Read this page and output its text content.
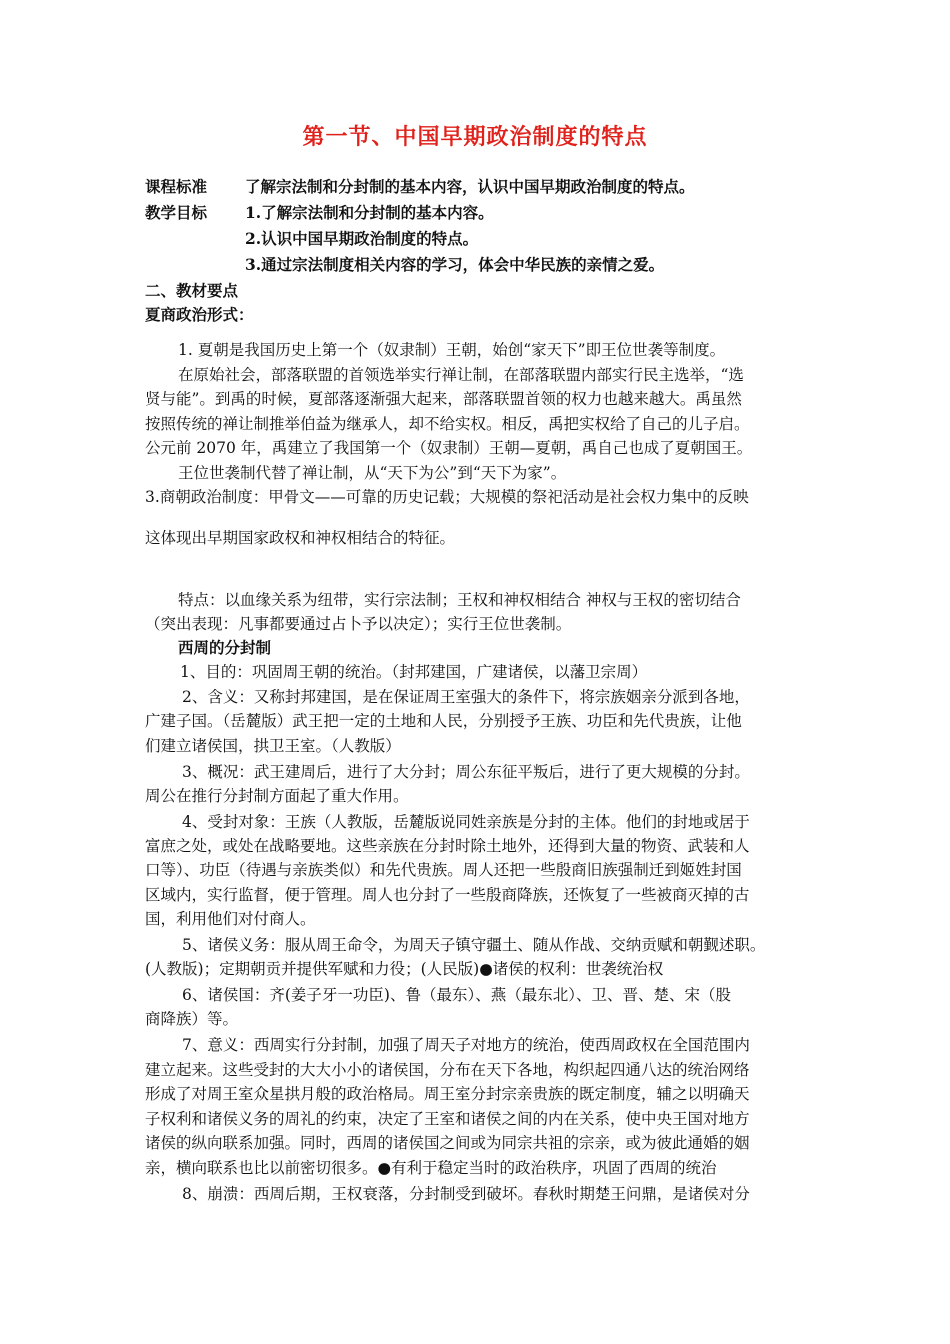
第一节、中国早期政治制度的特点
课程标准 了解宗法制和分封制的基本内容，认识中国早期政治制度的特点。
教学目标 1.了解宗法制和分封制的基本内容。
2.认识中国早期政治制度的特点。
3.通过宗法制度相关内容的学习，体会中华民族的亲情之爱。
二、教材要点
夏商政治形式：
1. 夏朝是我国历史上第一个（奴隶制）王朝，始创“家天下”即王位世袭等制度。
在原始社会，部落联盟的首领选举实行禅让制，在部落联盟内部实行民主选举，“选
贤与能”。到禹的时候，夏部落逐渐强大起来，部落联盟首领的权力也越来越大。禹虽然
按照传统的禅让制推举伯益为继承人，却不给实权。相反，禹把实权给了自己的儿子启。
公元前 2070 年，禹建立了我国第一个（奴隶制）王朝—夏朝，禹自己也成了夏朝国王。
王位世袭制代替了禅让制，从“天下为公”到“天下为家”。
3.商朝政治制度：甲骨文——可靠的历史记载；大规模的祭祀活动是社会权力集中的反映
这体现出早期国家政权和神权相结合的特征。
特点：以血缘关系为纽带，实行宗法制；王权和神权相结合 神权与王权的密切结合
（突出表现：凡事都要通过占卜予以决定）；实行王位世袭制。
西周的分封制
1、目的：巩固周王朝的统治。（封邦建国，广建诸侯，以藩卫宗周）
2、含义：又称封邦建国，是在保证周王室强大的条件下，将宗族姻亲分派到各地，
广建子国。（岳麓版）武王把一定的土地和人民，分别授予王族、功臣和先代贵族，让他
们建立诸侯国，拱卫王室。（人教版）
3、概况：武王建周后，进行了大分封；周公东征平叛后，进行了更大规模的分封。
周公在推行分封制方面起了重大作用。
4、受封对象：王族（人教版，岳麓版说同姓亲族是分封的主体。他们的封地或居于
富庶之处，或处在战略要地。这些亲族在分封时除土地外，还得到大量的物资、武装和人
口等）、功臣（待遇与亲族类似）和先代贵族。周人还把一些殷商旧族强制迁到姬姓封国
区域内，实行监督，便于管理。周人也分封了一些殷商降族，还恢复了一些被商灭掉的古
国，利用他们对付商人。
5、诸侯义务：服从周王命令，为周天子镇守疆土、随从作战、交纳贡赋和朝觐述职。
(人教版)；定期朝贡并提供军赋和力役；(人民版)●诸侯的权利：世袭统治权
6、诸侯国：齐(姜子牙一功臣)、鲁（最东）、燕（最东北）、卫、晋、楚、宋（股
商降族）等。
7、意义：西周实行分封制，加强了周天子对地方的统治，使西周政权在全国范围内
建立起来。这些受封的大大小小的诸侯国，分布在天下各地，构织起四通八达的统治网络
形成了对周王室众星拱月般的政治格局。周王室分封宗亲贵族的既定制度，辅之以明确天
子权利和诸侯义务的周礼的约束，决定了王室和诸侯之间的内在关系，使中央王国对地方
诸侯的纵向联系加强。同时，西周的诸侯国之间或为同宗共祖的宗亲，或为彼此通婚的姻
亲，横向联系也比以前密切很多。●有利于稳定当时的政治秩序，巩固了西周的统治
8、崩溃：西周后期，王权衰落，分封制受到破坏。春秋时期楚王问鼎，是诸侯对分
